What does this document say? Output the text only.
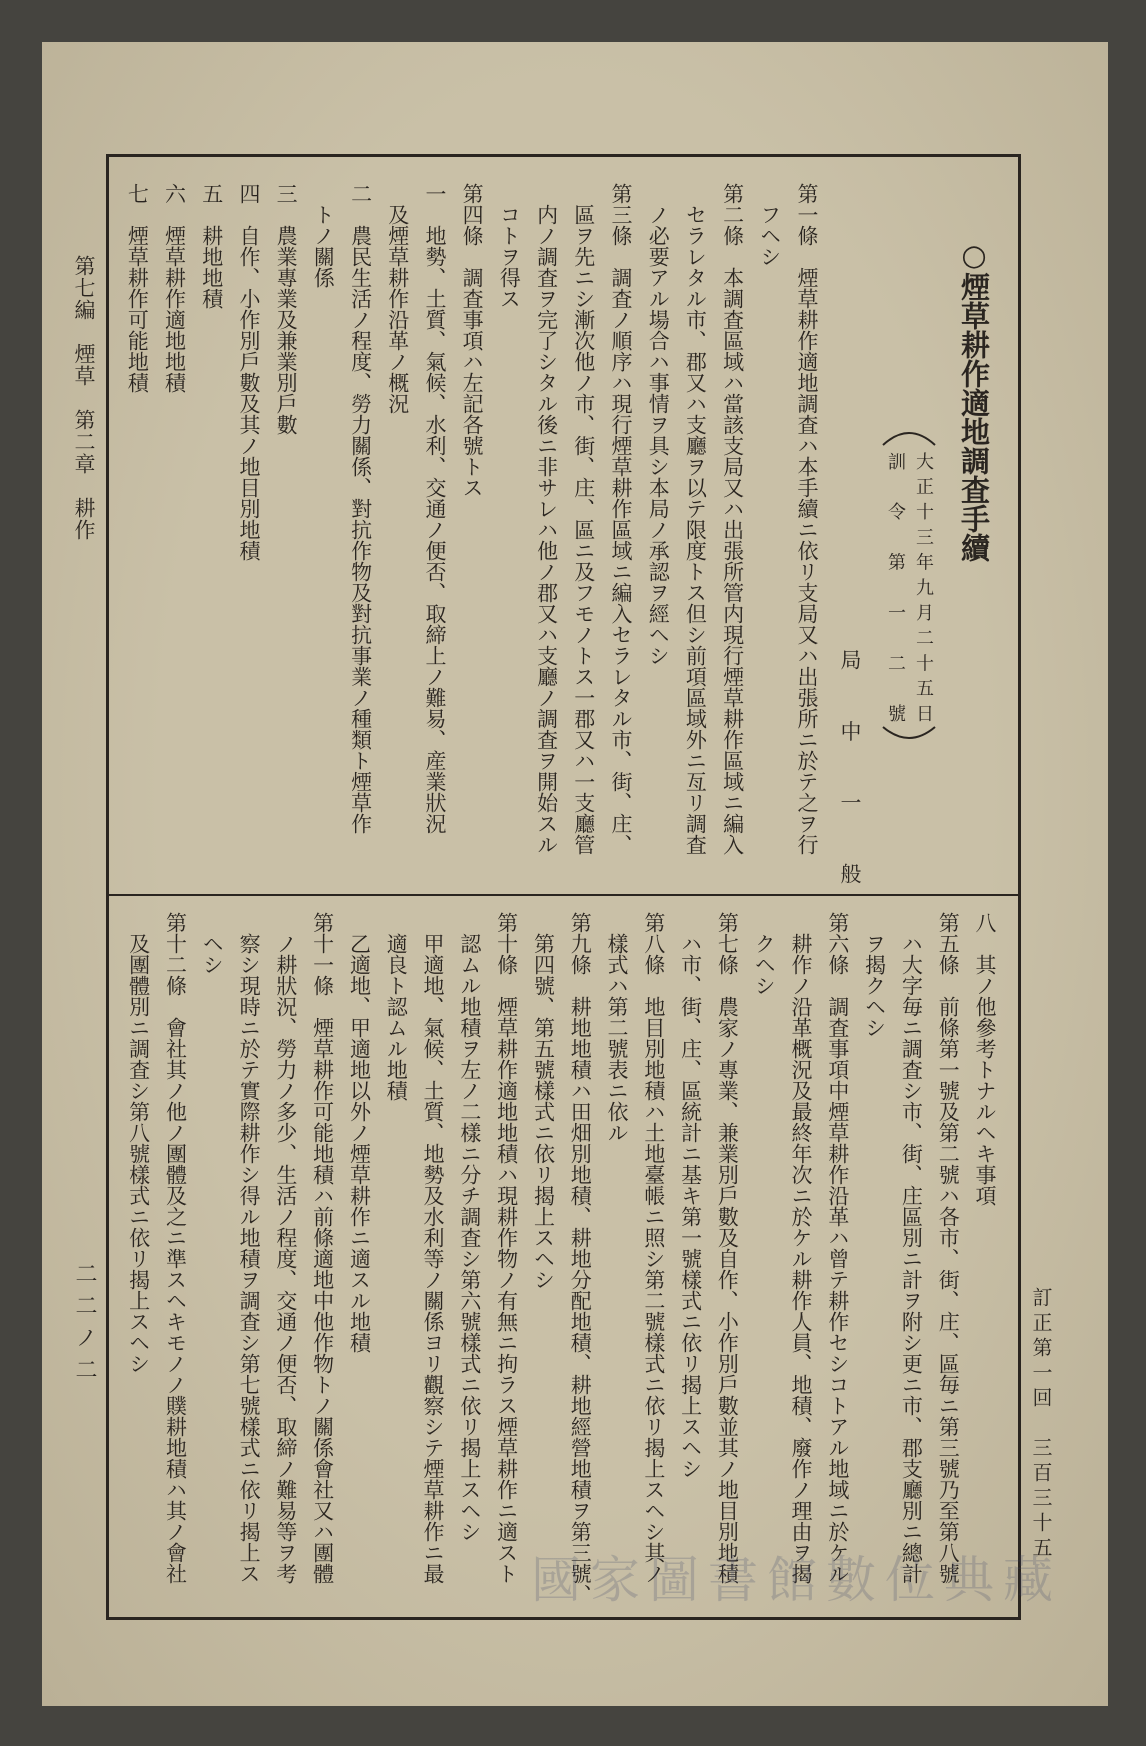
第七編　煙草　第二章　耕作
二二ノ二	訂正第一回　三百三十五
○煙草耕作適地調査手續
大正十三年九月二十五日
訓令第一二號
局中一般
第一條　煙草耕作適地調査ハ本手續ニ依リ支局又ハ出張所ニ於テ之ヲ行
フヘシ
第二條　本調査區域ハ當該支局又ハ出張所管内現行煙草耕作區域ニ編入
セラレタル市、郡又ハ支廳ヲ以テ限度トス但シ前項區域外ニ亙リ調査
ノ必要アル場合ハ事情ヲ具シ本局ノ承認ヲ經ヘシ
第三條　調査ノ順序ハ現行煙草耕作區域ニ編入セラレタル市、街、庄、
區ヲ先ニシ漸次他ノ市、街、庄、區ニ及フモノトス一郡又ハ一支廳管
内ノ調査ヲ完了シタル後ニ非サレハ他ノ郡又ハ支廳ノ調査ヲ開始スル
コトヲ得ス
第四條　調査事項ハ左記各號トス
一　地勢、土質、氣候、水利、交通ノ便否、取締上ノ難易、産業狀況
及煙草耕作沿革ノ概況
二　農民生活ノ程度、勞力關係、對抗作物及對抗事業ノ種類ト煙草作
トノ關係
三　農業專業及兼業別戶數
四　自作、小作別戶數及其ノ地目別地積
五　耕地地積
六　煙草耕作適地地積
七　煙草耕作可能地積
八　其ノ他參考トナルヘキ事項
第五條　前條第一號及第二號ハ各市、街、庄、區毎ニ第三號乃至第八號
ハ大字毎ニ調査シ市、街、庄區別ニ計ヲ附シ更ニ市、郡支廳別ニ總計
ヲ揭クヘシ
第六條　調査事項中煙草耕作沿革ハ曾テ耕作セシコトアル地域ニ於ケル
耕作ノ沿革概況及最終年次ニ於ケル耕作人員、地積、廢作ノ理由ヲ揭
クヘシ
第七條　農家ノ專業、兼業別戶數及自作、小作別戶數並其ノ地目別地積
ハ市、街、庄、區統計ニ基キ第一號樣式ニ依リ揭上スヘシ
第八條　地目別地積ハ土地臺帳ニ照シ第二號樣式ニ依リ揭上スヘシ其ノ
樣式ハ第二號表ニ依ル
第九條　耕地地積ハ田畑別地積、耕地分配地積、耕地經營地積ヲ第三號、
第四號、第五號樣式ニ依リ揭上スヘシ
第十條　煙草耕作適地地積ハ現耕作物ノ有無ニ拘ラス煙草耕作ニ適スト
認ムル地積ヲ左ノ二樣ニ分チ調査シ第六號樣式ニ依リ揭上スヘシ
甲適地、氣候、土質、地勢及水利等ノ關係ヨリ觀察シテ煙草耕作ニ最
適良ト認ムル地積
乙適地、甲適地以外ノ煙草耕作ニ適スル地積
第十一條　煙草耕作可能地積ハ前條適地中他作物トノ關係會社又ハ團體
ノ耕狀況、勞力ノ多少、生活ノ程度、交通ノ便否、取締ノ難易等ヲ考
察シ現時ニ於テ實際耕作シ得ル地積ヲ調査シ第七號樣式ニ依リ揭上ス
ヘシ
第十二條　會社其ノ他ノ團體及之ニ準スヘキモノノ贌耕地積ハ其ノ會社
及團體別ニ調査シ第八號樣式ニ依リ揭上スヘシ
國家圖書館數位典藏
